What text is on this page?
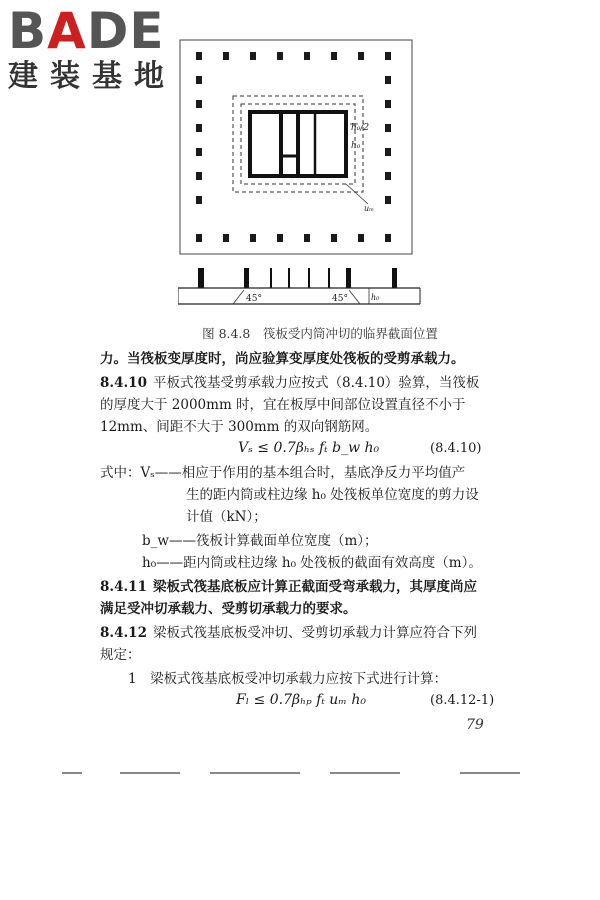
BADE
建装基地
h₀/2
h₀
uₘ
45°	45°	h₀
图 8.4.8　筏板受内筒冲切的临界截面位置
力。当筏板变厚度时，尚应验算变厚度处筏板的受剪承载力。
8.4.10 平板式筏基受剪承载力应按式（8.4.10）验算，当筏板
的厚度大于 2000mm 时，宜在板厚中间部位设置直径不小于
12mm、间距不大于 300mm 的双向钢筋网。
Vₛ ≤ 0.7βₕₛ fₜ b_w h₀	(8.4.10)
式中：Vₛ——相应于作用的基本组合时，基底净反力平均值产
生的距内筒或柱边缘 h₀ 处筏板单位宽度的剪力设
计值（kN）；
b_w——筏板计算截面单位宽度（m）；
h₀——距内筒或柱边缘 h₀ 处筏板的截面有效高度（m）。
8.4.11 梁板式筏基底板应计算正截面受弯承载力，其厚度尚应
满足受冲切承载力、受剪切承载力的要求。
8.4.12 梁板式筏基底板受冲切、受剪切承载力计算应符合下列
规定：
1　梁板式筏基底板受冲切承载力应按下式进行计算：
Fₗ ≤ 0.7βₕₚ fₜ uₘ h₀	(8.4.12-1)
79
